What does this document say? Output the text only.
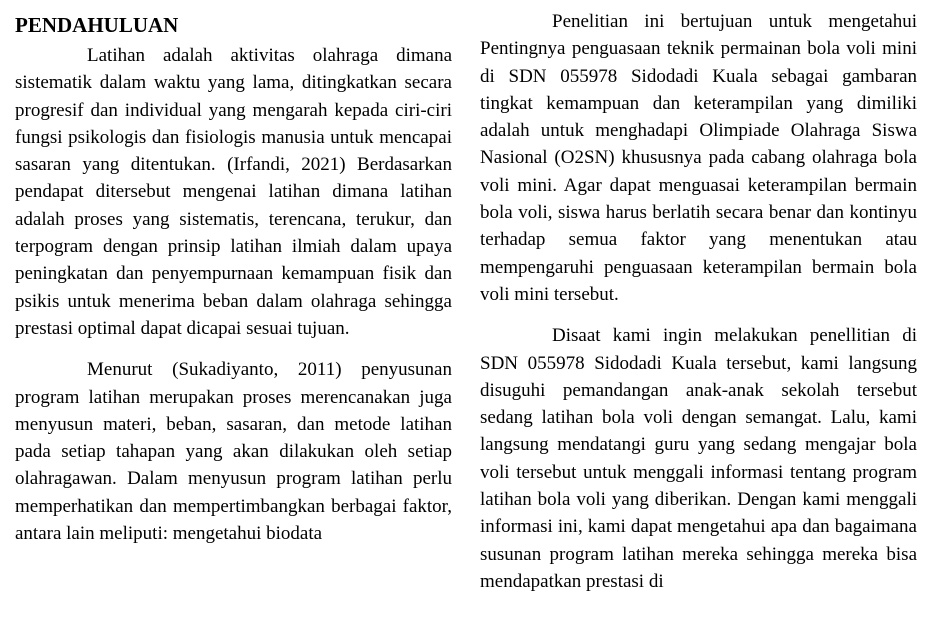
PENDAHULUAN

Latihan adalah aktivitas olahraga dimana sistematik dalam waktu yang lama, ditingkatkan secara progresif dan individual yang mengarah kepada ciri-ciri fungsi psikologis dan fisiologis manusia untuk mencapai sasaran yang ditentukan. (Irfandi, 2021) Berdasarkan pendapat ditersebut mengenai latihan dimana latihan adalah proses yang sistematis, terencana, terukur, dan terpogram dengan prinsip latihan ilmiah dalam upaya peningkatan dan penyempurnaan kemampuan fisik dan psikis untuk menerima beban dalam olahraga sehingga prestasi optimal dapat dicapai sesuai tujuan.

Menurut (Sukadiyanto, 2011) penyusunan program latihan merupakan proses merencanakan juga menyusun materi, beban, sasaran, dan metode latihan pada setiap tahapan yang akan dilakukan oleh setiap olahragawan. Dalam menyusun program latihan perlu memperhatikan dan mempertimbangkan berbagai faktor, antara lain meliputi: mengetahui biodata

Penelitian ini bertujuan untuk mengetahui Pentingnya penguasaan teknik permainan bola voli mini di SDN 055978 Sidodadi Kuala sebagai gambaran tingkat kemampuan dan keterampilan yang dimiliki adalah untuk menghadapi Olimpiade Olahraga Siswa Nasional (O2SN) khususnya pada cabang olahraga bola voli mini. Agar dapat menguasai keterampilan bermain bola voli, siswa harus berlatih secara benar dan kontinyu terhadap semua faktor yang menentukan atau mempengaruhi penguasaan keterampilan bermain bola voli mini tersebut.

Disaat kami ingin melakukan penellitian di SDN 055978 Sidodadi Kuala tersebut, kami langsung disuguhi pemandangan anak-anak sekolah tersebut sedang latihan bola voli dengan semangat. Lalu, kami langsung mendatangi guru yang sedang mengajar bola voli tersebut untuk menggali informasi tentang program latihan bola voli yang diberikan. Dengan kami menggali informasi ini, kami dapat mengetahui apa dan bagaimana susunan program latihan mereka sehingga mereka bisa mendapatkan prestasi di
